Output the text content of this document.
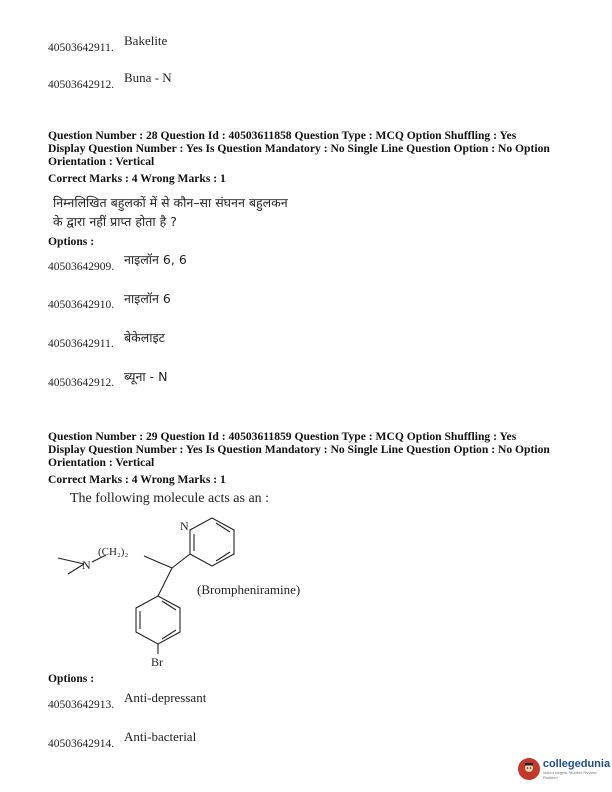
40503642911. Bakelite
40503642912. Buna - N
Question Number : 28 Question Id : 40503611858 Question Type : MCQ Option Shuffling : Yes
Display Question Number : Yes Is Question Mandatory : No Single Line Question Option : No Option
Orientation : Vertical
Correct Marks : 4 Wrong Marks : 1
निम्नलिखित बहुलकों में से कौन–सा संघनन बहुलकन
के द्वारा नहीं प्राप्त होता है ?
Options :
40503642909. नाइलॉन 6, 6
40503642910. नाइलॉन 6
40503642911. बेकेलाइट
40503642912. ब्यूना - N
Question Number : 29 Question Id : 40503611859 Question Type : MCQ Option Shuffling : Yes
Display Question Number : Yes Is Question Mandatory : No Single Line Question Option : No Option
Orientation : Vertical
Correct Marks : 4 Wrong Marks : 1
The following molecule acts as an :
N
N
(CH₂)₂
Br
(Brompheniramine)
Options :
40503642913. Anti-depressant
40503642914. Anti-bacterial
collegedunia
India's largest Student Review Platform
